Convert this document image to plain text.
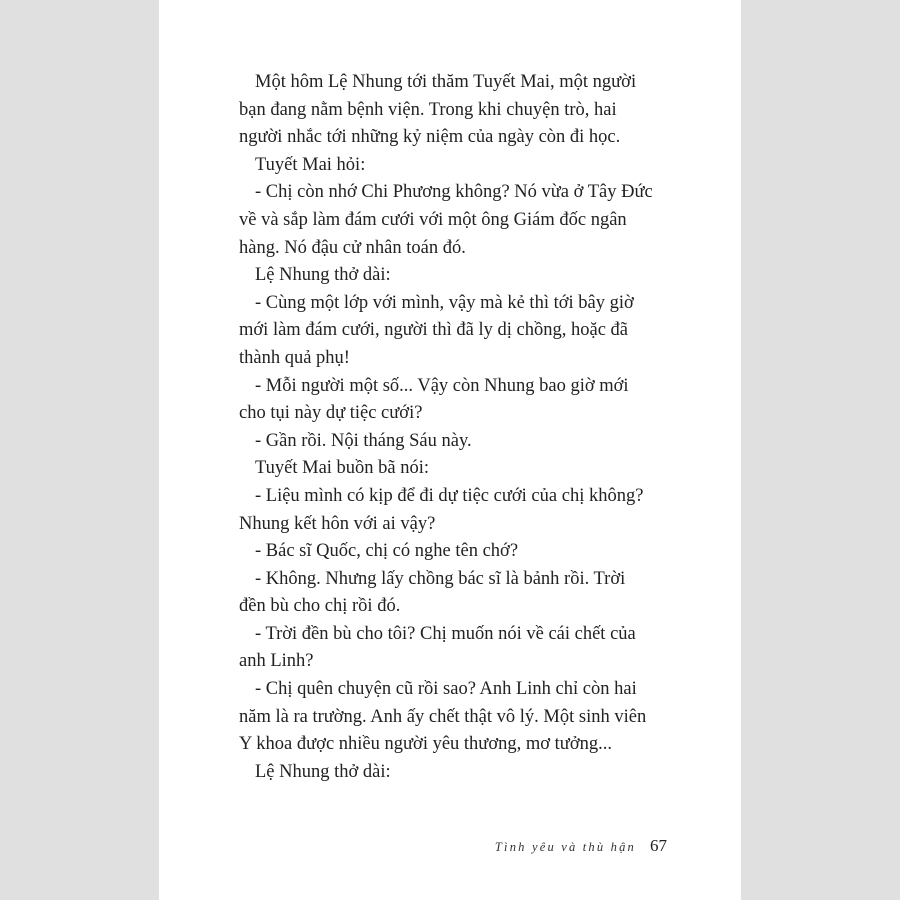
Một hôm Lệ Nhung tới thăm Tuyết Mai, một người
bạn đang nằm bệnh viện. Trong khi chuyện trò, hai
người nhắc tới những kỷ niệm của ngày còn đi học.

Tuyết Mai hỏi:

- Chị còn nhớ Chi Phương không? Nó vừa ở Tây Đức
về và sắp làm đám cưới với một ông Giám đốc ngân
hàng. Nó đậu cử nhân toán đó.

Lệ Nhung thở dài:

- Cùng một lớp với mình, vậy mà kẻ thì tới bây giờ
mới làm đám cưới, người thì đã ly dị chồng, hoặc đã
thành quả phụ!

- Mỗi người một số... Vậy còn Nhung bao giờ mới
cho tụi này dự tiệc cưới?

- Gần rồi. Nội tháng Sáu này.

Tuyết Mai buồn bã nói:

- Liệu mình có kịp để đi dự tiệc cưới của chị không?
Nhung kết hôn với ai vậy?

- Bác sĩ Quốc, chị có nghe tên chớ?

- Không. Nhưng lấy chồng bác sĩ là bảnh rồi. Trời
đền bù cho chị rồi đó.

- Trời đền bù cho tôi? Chị muốn nói về cái chết của
anh Linh?

- Chị quên chuyện cũ rồi sao? Anh Linh chỉ còn hai
năm là ra trường. Anh ấy chết thật vô lý. Một sinh viên
Y khoa được nhiều người yêu thương, mơ tưởng...

Lệ Nhung thở dài:

Tình yêu và thù hận 67
